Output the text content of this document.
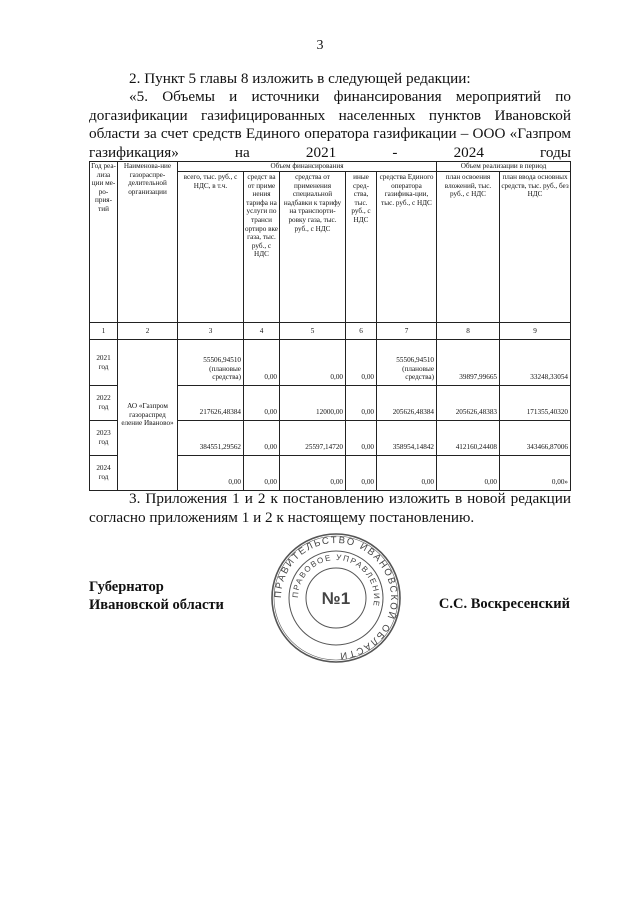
3

2. Пункт 5 главы 8 изложить в следующей редакции:

«5. Объемы и источники финансирования мероприятий по догазификации газифицированных населенных пунктов Ивановской области за счет средств Единого оператора газификации – ООО «Газпром газификация» на 2021 - 2024 годы

Год реа-лиза ции ме-ро-прия-тий	Наименова-ние газораспре-делительной организации	Объем финансирования					Объем реализации в период	
		всего, тыс. руб., с НДС, в т.ч.	средст ва от приме нения тарифа на услуги по транси ортиро вке газа, тыс. руб., с НДС	средства от применения специальной надбавки к тарифу на транспорти-ровку газа, тыс. руб., с НДС	иные сред-ства, тыс. руб., с НДС	средства Единого оператора газифика-ции, тыс. руб., с НДС	план освоения вложений, тыс. руб., с НДС	план ввода основных средств, тыс. руб., без НДС
1	2	3	4	5	6	7	8	9
2021 год	АО «Газпром газораспред еление Иваново»	55506,94510 (плановые средства)	0,00	0,00	0,00	55506,94510 (плановые средства)	39897,99665	33248,33054
2022 год		217626,48384	0,00	12000,00	0,00	205626,48384	205626,48383	171355,40320
2023 год		384551,29562	0,00	25597,14720	0,00	358954,14842	412160,24408	343466,87006
2024 год		0,00	0,00	0,00	0,00	0,00	0,00	0,00»

3. Приложения 1 и 2 к постановлению изложить в новой редакции согласно приложениям 1 и 2 к настоящему постановлению.

Губернатор
Ивановской области	С.С. Воскресенский
ПРАВИТЕЛЬСТВО ИВАНОВСКОЙ ОБЛАСТИ
ПРАВОВОЕ УПРАВЛЕНИЕ
№1
